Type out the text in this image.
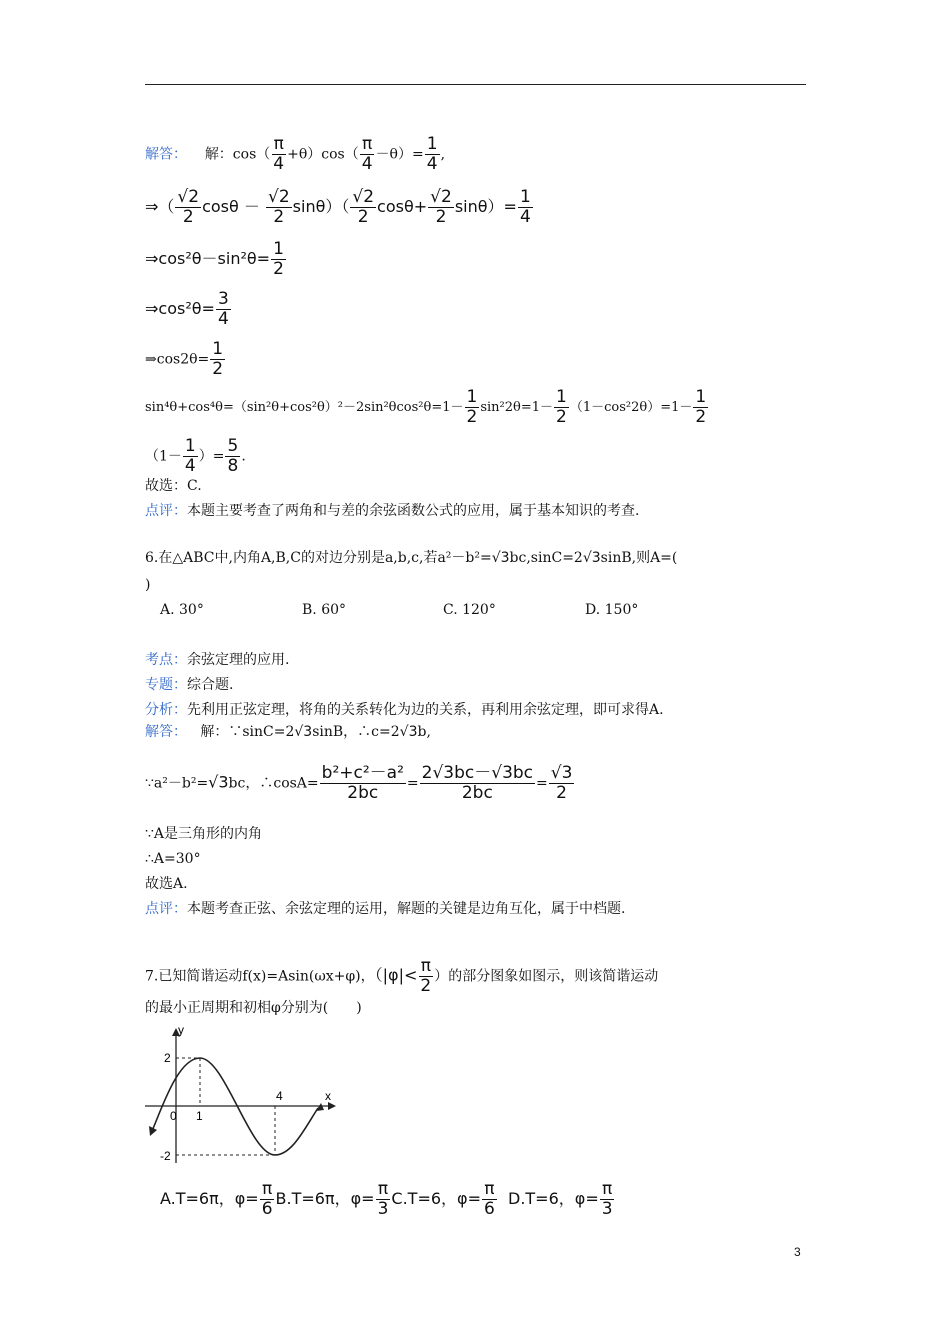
解答： 解：$\cos( \frac{\pi}{4} +\theta)\cos( \frac{\pi}{4} -\theta)= \frac{1}{4}$ ,
⇒（ $\frac{√2}{2}$ $\cos\theta - \frac{√2}{2} \sin\theta)( \frac{√2}{2} \cos\theta+ \frac{√2}{2} \sin\theta)= \frac{1}{4}$
⇒cos²θ－sin²θ= $\frac{1}{2}$
⇒cos²θ= $\frac{3}{4}$
⇒cos2θ= $\frac{1}{2}$
$\sin^4\theta+\cos^4\theta=(\sin^2\theta+\cos^2\theta)^2-2\sin^2\theta\cos^2\theta=1- \frac{1}{2} \sin^22\theta=1- \frac{1}{2} (1-\cos^22\theta)=1- \frac{1}{2}$
（$1- \frac{1}{4}$ ）= $\frac{5}{8}$ .
故选：C.
点评：本题主要考查了两角和与差的余弦函数公式的应用，属于基本知识的考查.
6.在△ABC中,内角A,B,C的对边分别是a,b,c,若a²－b²=√3bc,sinC=2√3sinB,则A=(
)
A. 30°	B. 60°	C. 120°	D. 150°
考点：余弦定理的应用.
专题：综合题.
分析：先利用正弦定理，将角的关系转化为边的关系，再利用余弦定理，即可求得A.
解答： 解：∵sinC=2√3sinB，∴c=2√3b,
∵a²－b²=√3bc，∴cosA= $\frac{\text{b²+c²－a²}}{2bc} = \frac{2√3bc-√3bc}{2bc} = \frac{√3}{2}$
∵A是三角形的内角
∴A=30°
故选A.
点评：本题考查正弦、余弦定理的运用，解题的关键是边角互化，属于中档题.
7.已知简谐运动f(x)=Asin(ωx+φ)，（$|\varphi|< \frac{\pi}{2}$ ）的部分图象如图示，则该简谐运动
的最小正周期和初相φ分别为(　　)
y
x
0 1
4
2
-2
A.T=6π，$\varphi= \frac{\pi}{6} B.T=6\pi$，$\varphi= \frac{\pi}{3} C.T=6$，$\varphi= \frac{\pi}{6} D.T=6$，$\varphi= \frac{\pi}{3}$
3
